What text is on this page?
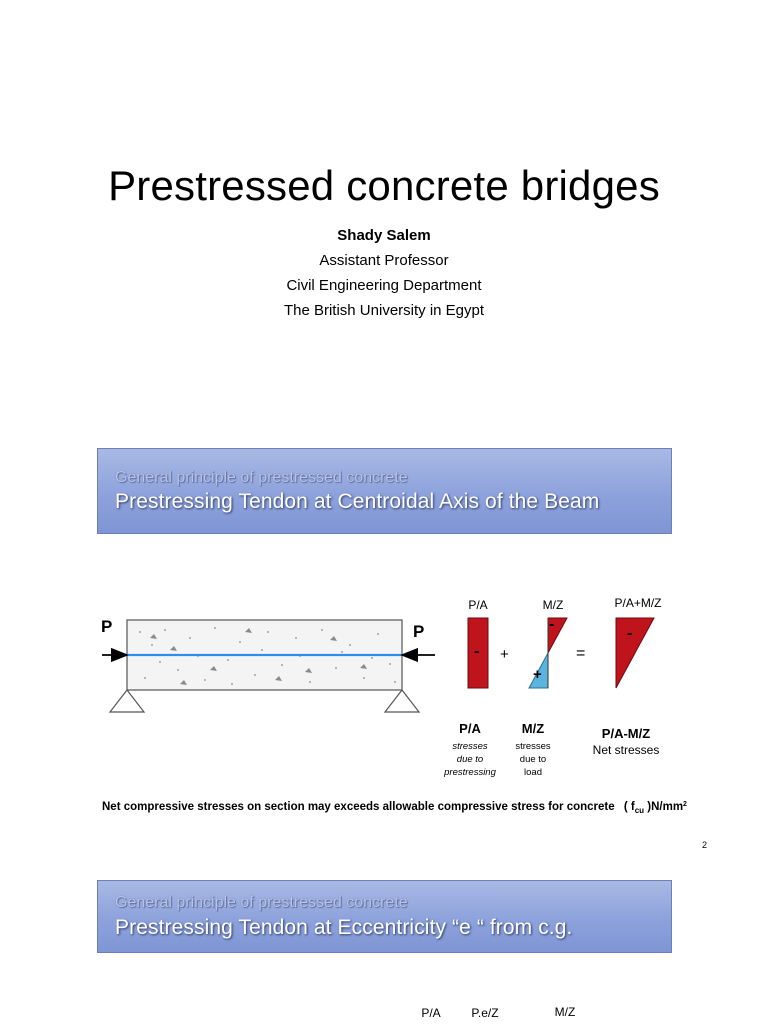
Prestressed concrete bridges
Shady Salem
Assistant Professor
Civil Engineering Department
The British University in Egypt
General principle of prestressed concrete
Prestressing Tendon at Centroidal Axis of the Beam
P	P
P/A	M/Z	P/A+M/Z
-
-
+
-
+	=
P/A
stresses
due to
prestressing
M/Z
stresses
due to
load
P/A-M/Z
Net stresses
Net compressive stresses on section may exceeds allowable compressive stress for concrete ( $f_{cu}$ )$N/mm^2$
2
General principle of prestressed concrete
Prestressing Tendon at Eccentricity “e “ from c.g.
P/A	P.e/Z	M/Z
